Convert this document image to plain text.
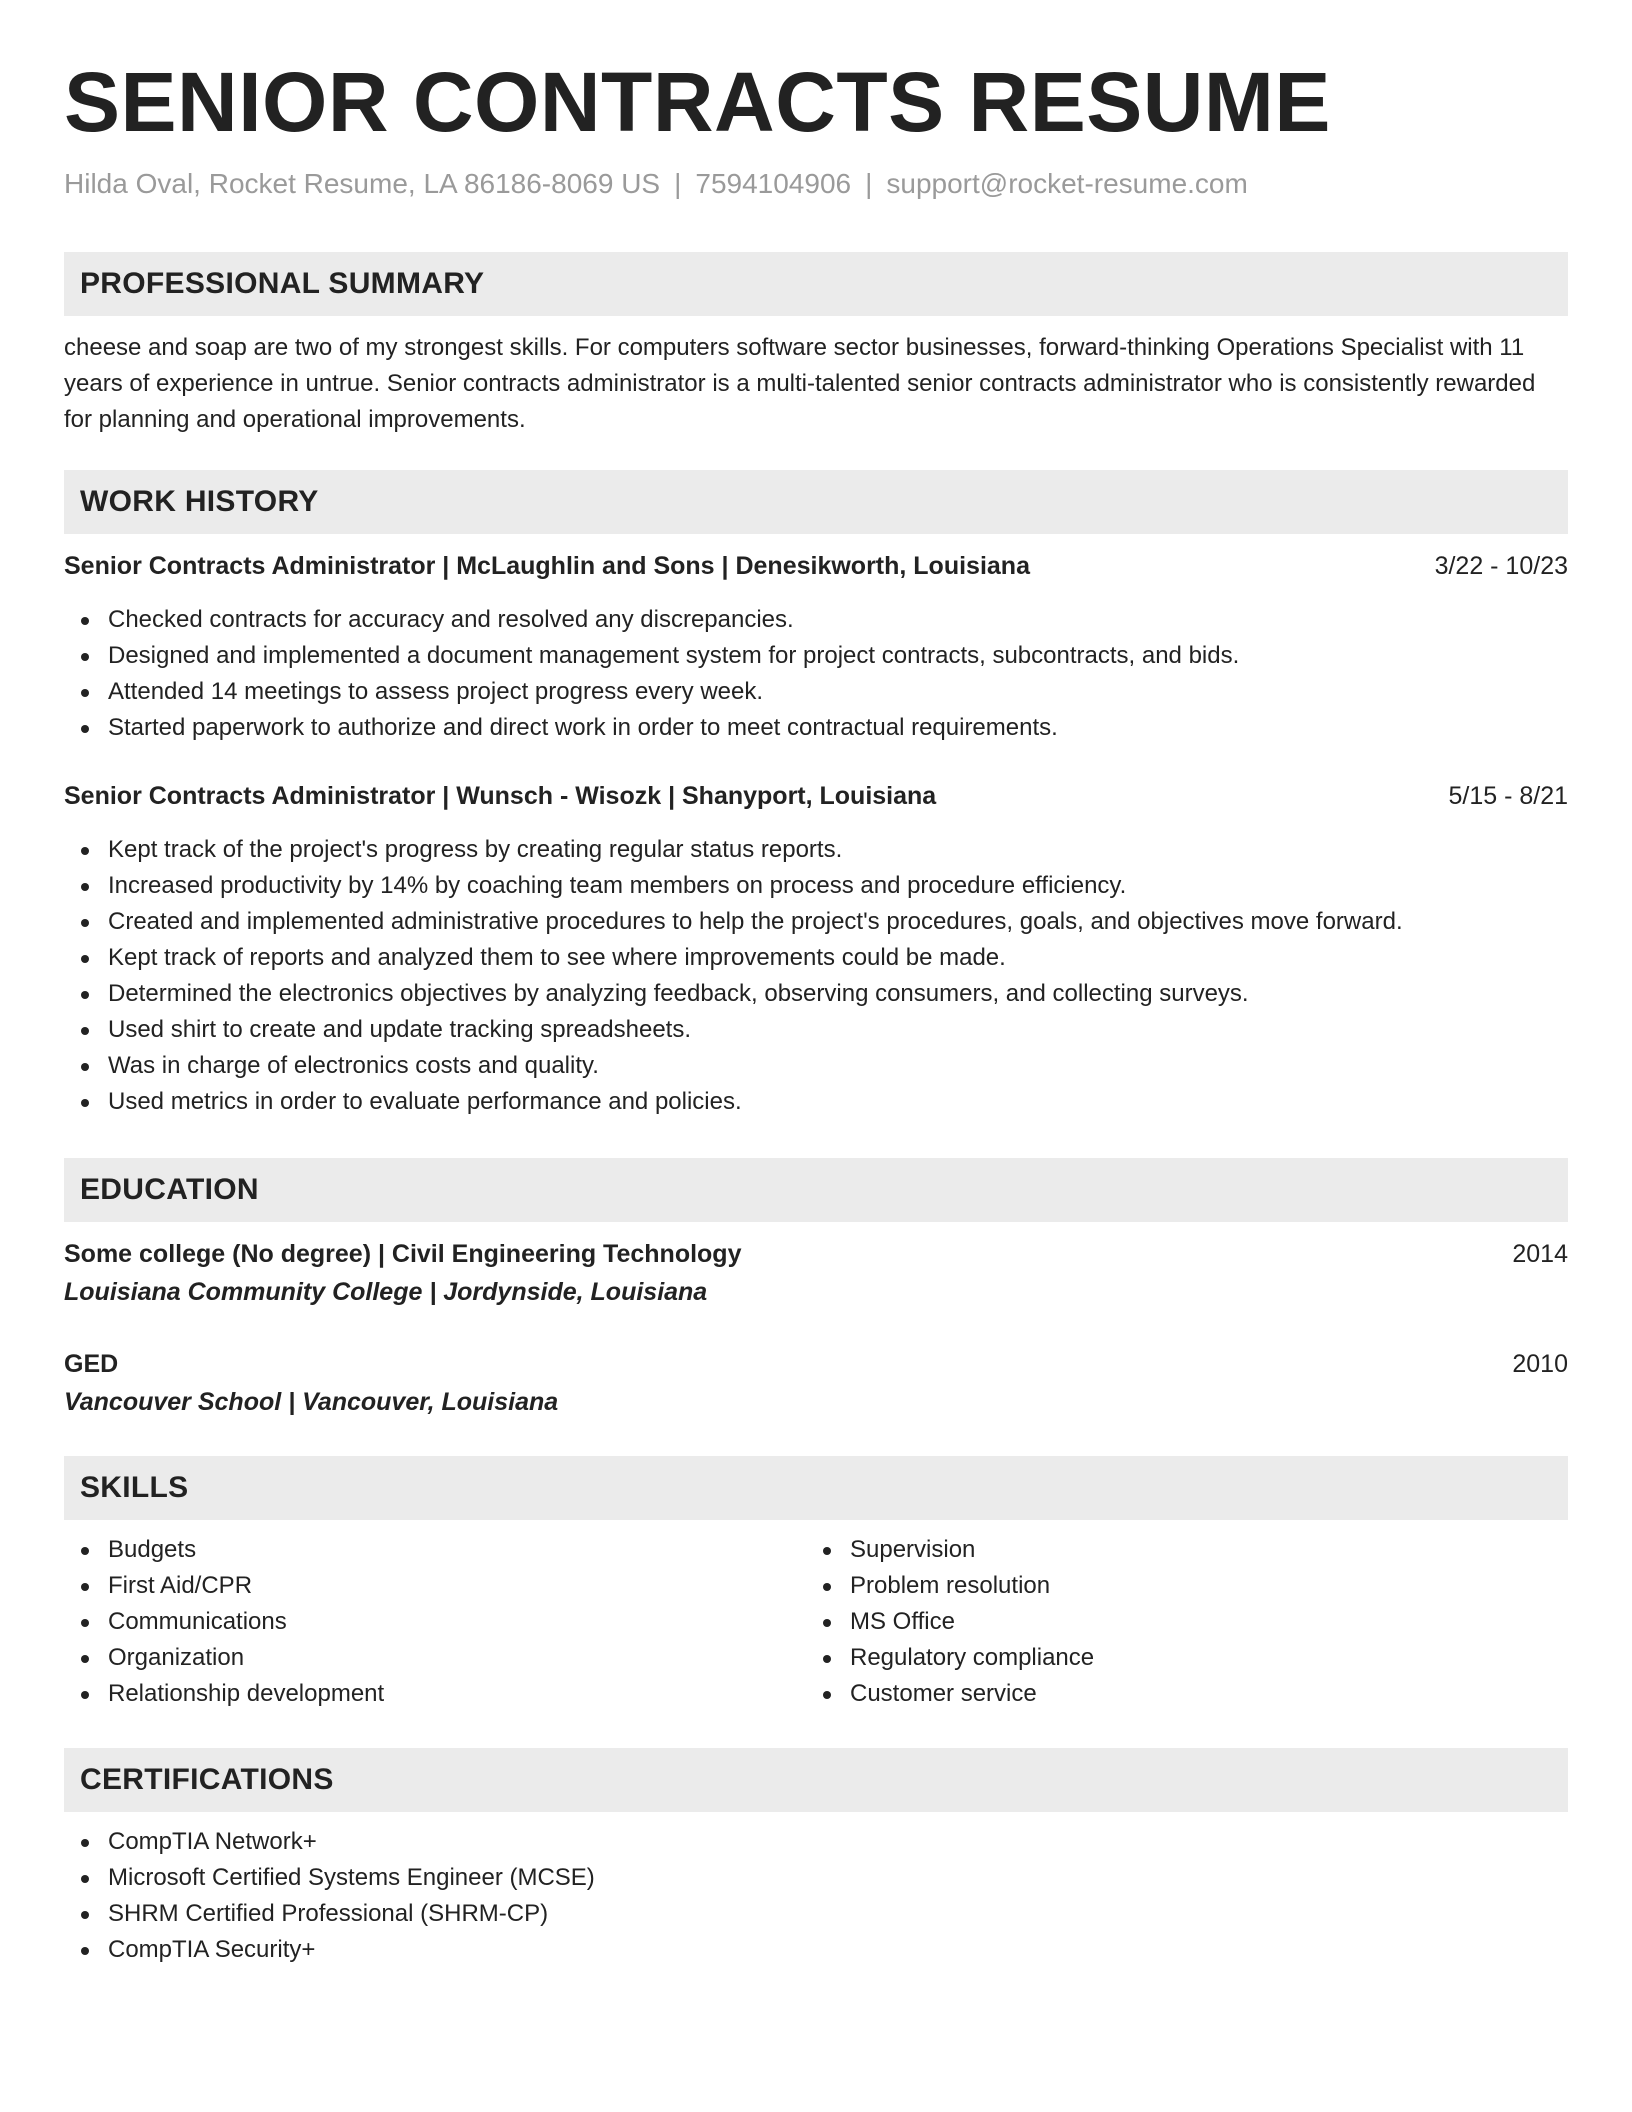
SENIOR CONTRACTS RESUME
Hilda Oval, Rocket Resume, LA 86186-8069 US | 7594104906 | support@rocket-resume.com
PROFESSIONAL SUMMARY
cheese and soap are two of my strongest skills. For computers software sector businesses, forward-thinking Operations Specialist with 11 years of experience in untrue. Senior contracts administrator is a multi-talented senior contracts administrator who is consistently rewarded for planning and operational improvements.
WORK HISTORY
Senior Contracts Administrator | McLaughlin and Sons | Denesikworth, Louisiana	3/22 - 10/23
Checked contracts for accuracy and resolved any discrepancies.
Designed and implemented a document management system for project contracts, subcontracts, and bids.
Attended 14 meetings to assess project progress every week.
Started paperwork to authorize and direct work in order to meet contractual requirements.
Senior Contracts Administrator | Wunsch - Wisozk | Shanyport, Louisiana	5/15 - 8/21
Kept track of the project's progress by creating regular status reports.
Increased productivity by 14% by coaching team members on process and procedure efficiency.
Created and implemented administrative procedures to help the project's procedures, goals, and objectives move forward.
Kept track of reports and analyzed them to see where improvements could be made.
Determined the electronics objectives by analyzing feedback, observing consumers, and collecting surveys.
Used shirt to create and update tracking spreadsheets.
Was in charge of electronics costs and quality.
Used metrics in order to evaluate performance and policies.
EDUCATION
Some college (No degree) | Civil Engineering Technology	2014
Louisiana Community College | Jordynside, Louisiana
GED	2010
Vancouver School | Vancouver, Louisiana
SKILLS
Budgets
First Aid/CPR
Communications
Organization
Relationship development
Supervision
Problem resolution
MS Office
Regulatory compliance
Customer service
CERTIFICATIONS
CompTIA Network+
Microsoft Certified Systems Engineer (MCSE)
SHRM Certified Professional (SHRM-CP)
CompTIA Security+
